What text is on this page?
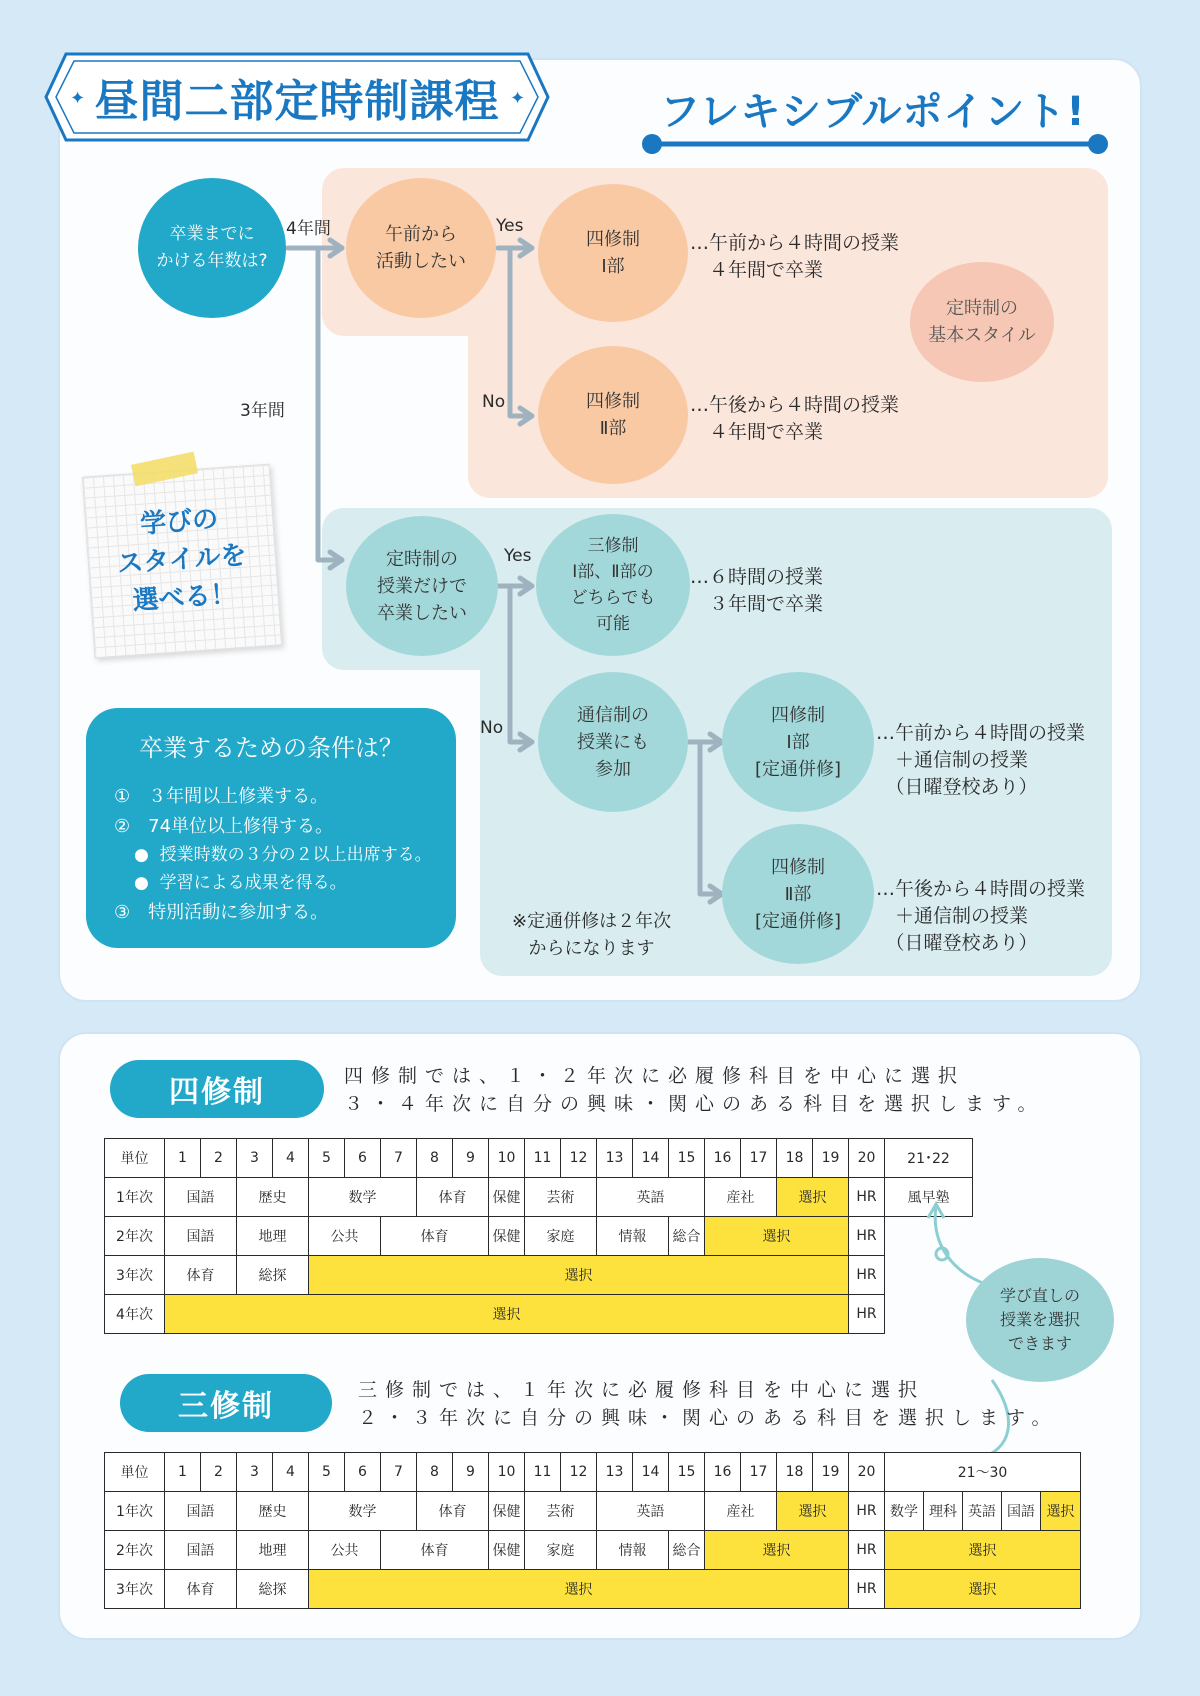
✦	✦
昼間二部定時制課程	フレキシブルポイント!
4年間
3年間
Yes
No
Yes
No
卒業までに
かける年数は?
午前から
活動したい
四修制
Ⅰ部
…午前から４時間の授業
　４年間で卒業
定時制の
基本スタイル
四修制
Ⅱ部
…午後から４時間の授業
　４年間で卒業
定時制の
授業だけで
卒業したい
三修制
Ⅰ部、Ⅱ部の
どちらでも
可能
…６時間の授業
　３年間で卒業
通信制の
授業にも
参加
四修制
Ⅰ部
[定通併修]
…午前から４時間の授業
　＋通信制の授業
　（日曜登校あり）
四修制
Ⅱ部
[定通併修]
…午後から４時間の授業
　＋通信制の授業
　（日曜登校あり）
※定通併修は２年次
からになります
学びの
スタイルを
選べる！
卒業するための条件は？
①　３年間以上修業する。
②　74単位以上修得する。
●  授業時数の３分の２以上出席する。
●  学習による成果を得る。
③　特別活動に参加する。
四修制	四修制では、１・２年次に必履修科目を中心に選択
３・４年次に自分の興味・関心のある科目を選択します。
単位	1	2	3	4	5	6	7	8	9	10	11	12	13	14	15	16	17	18	19	20	21･22
1年次	国語		歴史		数学			体育		保健	芸術		英語			産社		選択		HR	風早塾
2年次	国語		地理		公共		体育			保健	家庭		情報		総合	選択				HR	
3年次	体育		総探		選択															HR	
4年次	選択																			HR	
学び直しの
授業を選択
できます
三修制	三修制では、１年次に必履修科目を中心に選択
２・３年次に自分の興味・関心のある科目を選択します。
単位	1	2	3	4	5	6	7	8	9	10	11	12	13	14	15	16	17	18	19	20	21〜30				
1年次	国語		歴史		数学			体育		保健	芸術		英語			産社		選択		HR	数学	理科	英語	国語	選択
2年次	国語		地理		公共		体育			保健	家庭		情報		総合	選択				HR	選択				
3年次	体育		総探		選択															HR	選択				
